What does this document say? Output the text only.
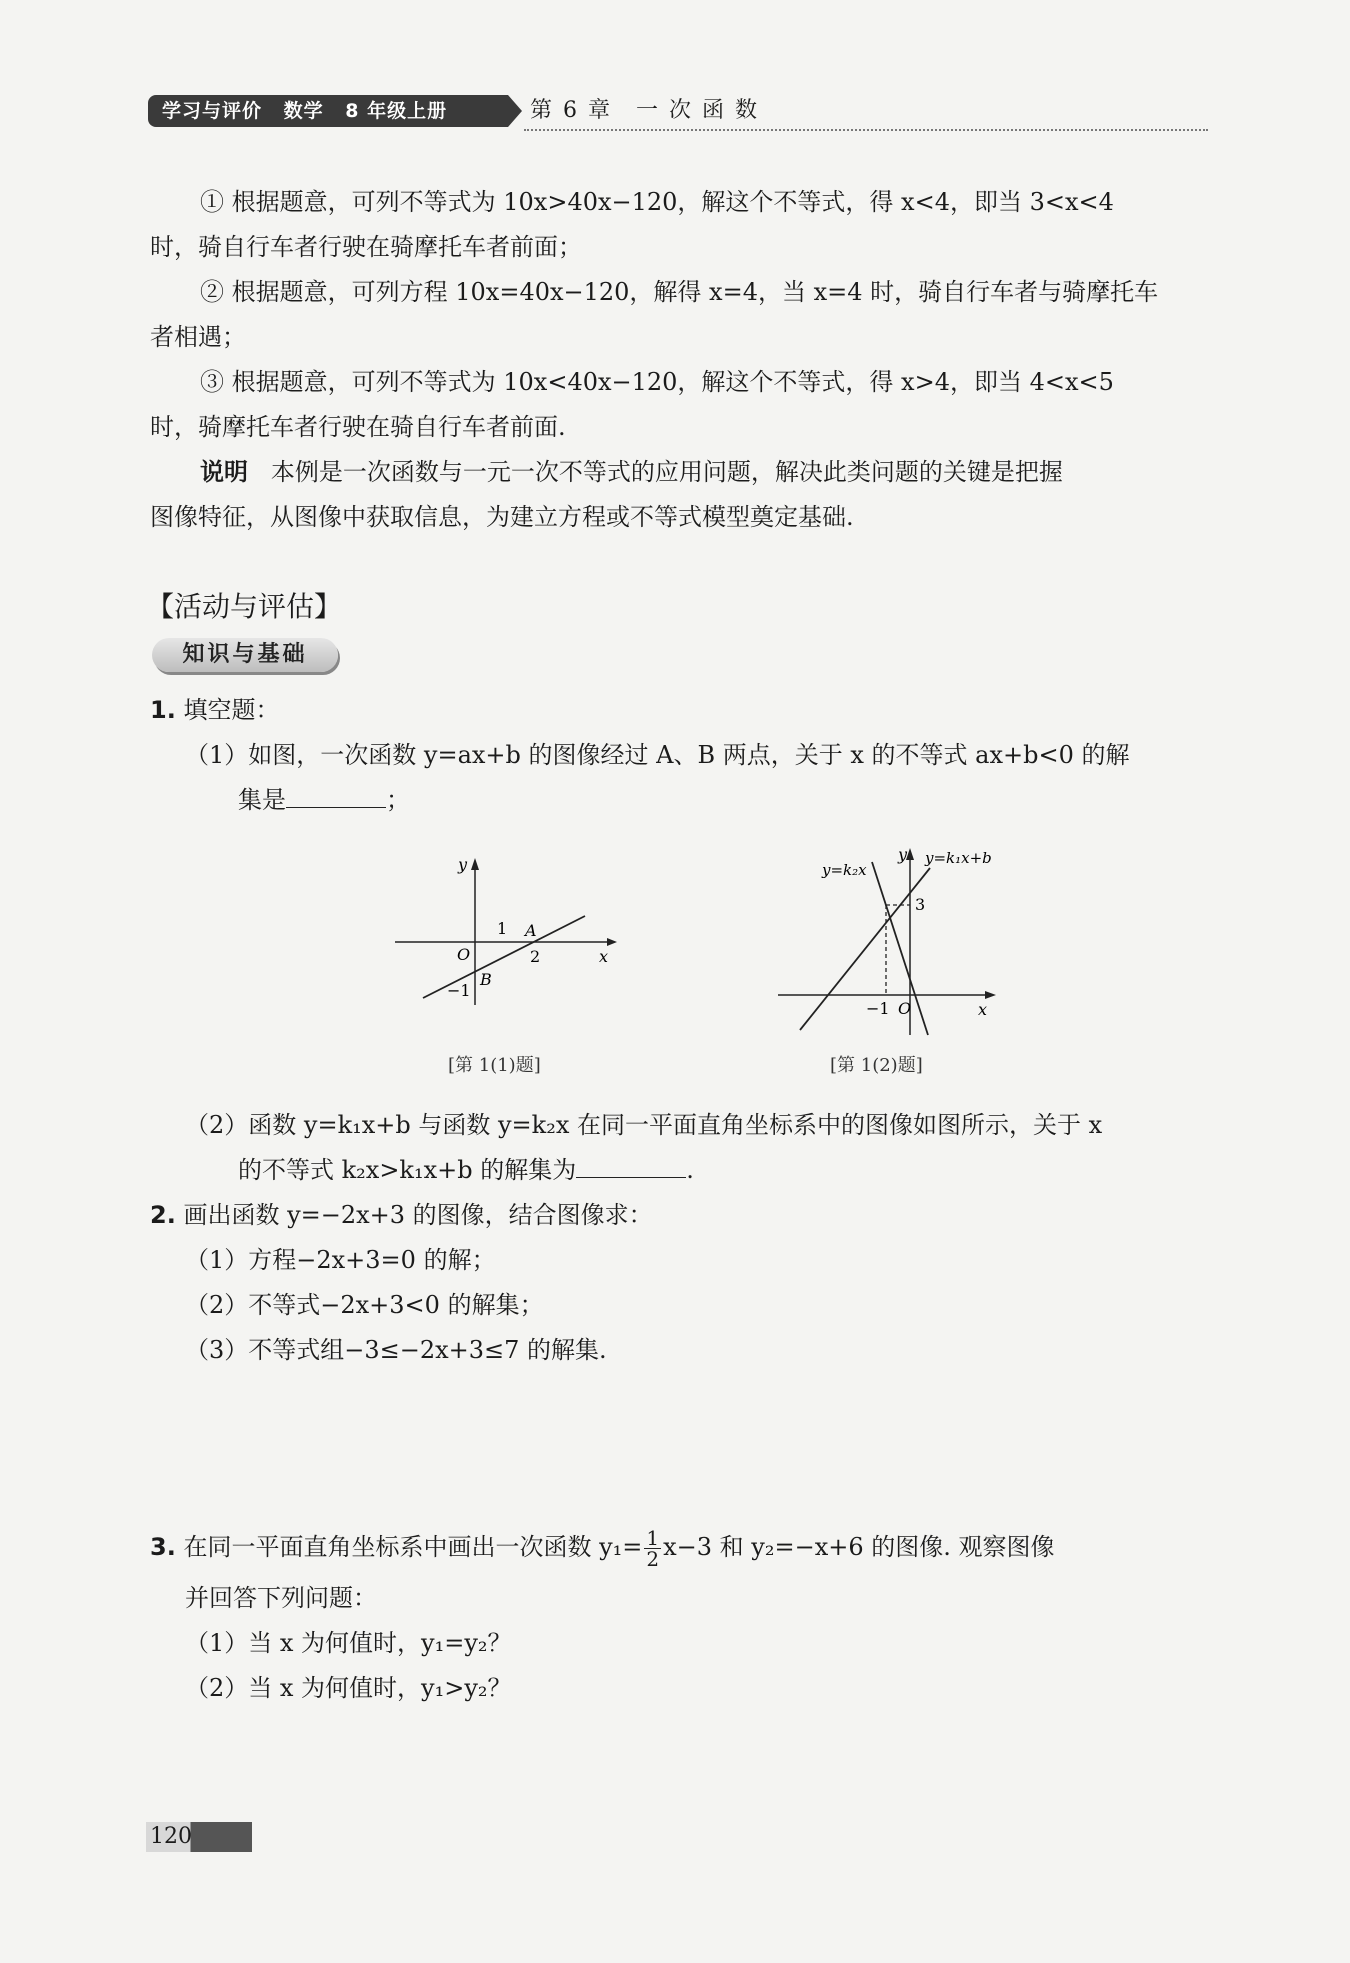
学习与评价 数学 8 年级上册	第 6 章　一 次 函 数
① 根据题意，可列不等式为 10x>40x−120，解这个不等式，得 x<4，即当 3<x<4
时，骑自行车者行驶在骑摩托车者前面；
② 根据题意，可列方程 10x=40x−120，解得 x=4，当 x=4 时，骑自行车者与骑摩托车
者相遇；
③ 根据题意，可列不等式为 10x<40x−120，解这个不等式，得 x>4，即当 4<x<5
时，骑摩托车者行驶在骑自行车者前面.
说明 本例是一次函数与一元一次不等式的应用问题，解决此类问题的关键是把握
图像特征，从图像中获取信息，为建立方程或不等式模型奠定基础.
【活动与评估】
知识与基础
1. 填空题：
（1）如图，一次函数 y=ax+b 的图像经过 A、B 两点，关于 x 的不等式 ax+b<0 的解
集是	；
y
x
O
1
2
−1
A
B
[第 1(1)题]
y
x
O
3
−1
y=k₁x+b
y=k₂x
[第 1(2)题]
（2）函数 y=k₁x+b 与函数 y=k₂x 在同一平面直角坐标系中的图像如图所示，关于 x
的不等式 k₂x>k₁x+b 的解集为	.
2. 画出函数 y=−2x+3 的图像，结合图像求：
（1）方程−2x+3=0 的解；
（2）不等式−2x+3<0 的解集；
（3）不等式组−3≤−2x+3≤7 的解集.
3. 在同一平面直角坐标系中画出一次函数 $y_1= \frac{1}{2} x-3$ 和 y₂=−x+6 的图像. 观察图像
并回答下列问题：
（1）当 x 为何值时，y₁=y₂？
（2）当 x 为何值时，y₁>y₂？
120
